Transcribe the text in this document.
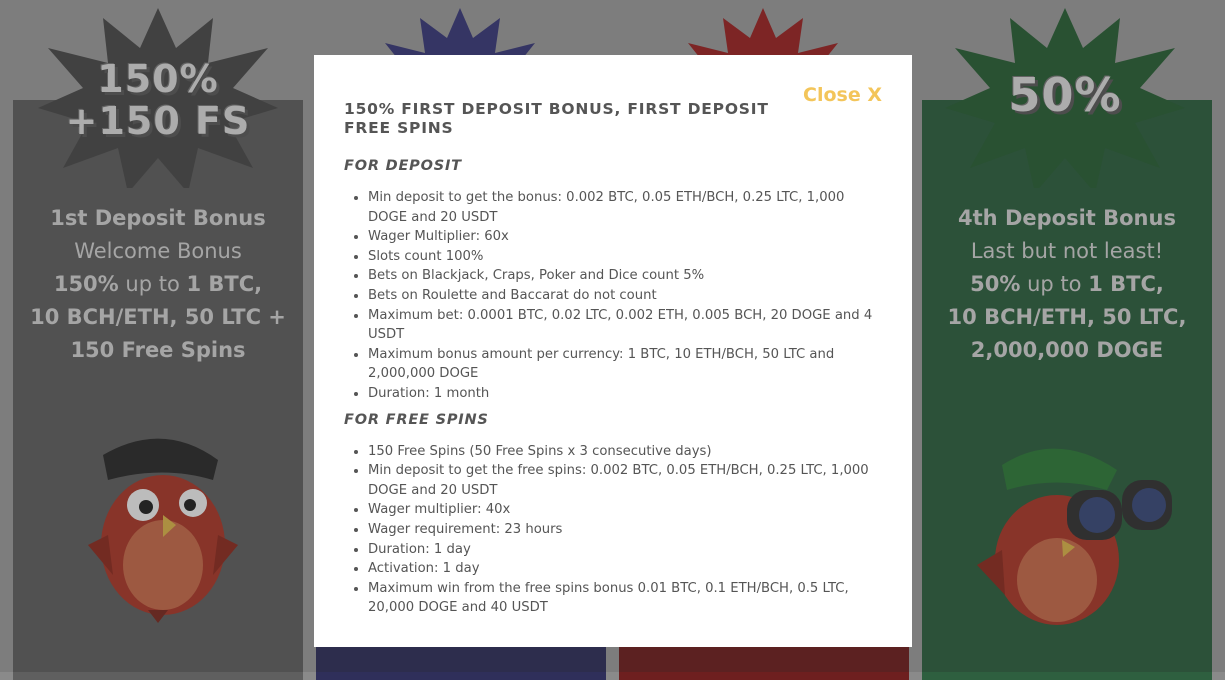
1st Deposit Bonus
Welcome Bonus
150% up to 1 BTC,
10 BCH/ETH, 50 LTC +
150 Free Spins
150%
+150 FS
4th Deposit Bonus
Last but not least!
50% up to 1 BTC,
10 BCH/ETH, 50 LTC,
2,000,000 DOGE
50%
Close X
150% FIRST DEPOSIT BONUS, FIRST DEPOSIT FREE SPINS
FOR DEPOSIT
• Min deposit to get the bonus: 0.002 BTC, 0.05 ETH/BCH, 0.25 LTC, 1,000 DOGE and 20 USDT
• Wager Multiplier: 60x
• Slots count 100%
• Bets on Blackjack, Craps, Poker and Dice count 5%
• Bets on Roulette and Baccarat do not count
• Maximum bet: 0.0001 BTC, 0.02 LTC, 0.002 ETH, 0.005 BCH, 20 DOGE and 4 USDT
• Maximum bonus amount per currency: 1 BTC, 10 ETH/BCH, 50 LTC and 2,000,000 DOGE
• Duration: 1 month
FOR FREE SPINS
• 150 Free Spins (50 Free Spins x 3 consecutive days)
• Min deposit to get the free spins: 0.002 BTC, 0.05 ETH/BCH, 0.25 LTC, 1,000 DOGE and 20 USDT
• Wager multiplier: 40x
• Wager requirement: 23 hours
• Duration: 1 day
• Activation: 1 day
• Maximum win from the free spins bonus 0.01 BTC, 0.1 ETH/BCH, 0.5 LTC, 20,000 DOGE and 40 USDT
